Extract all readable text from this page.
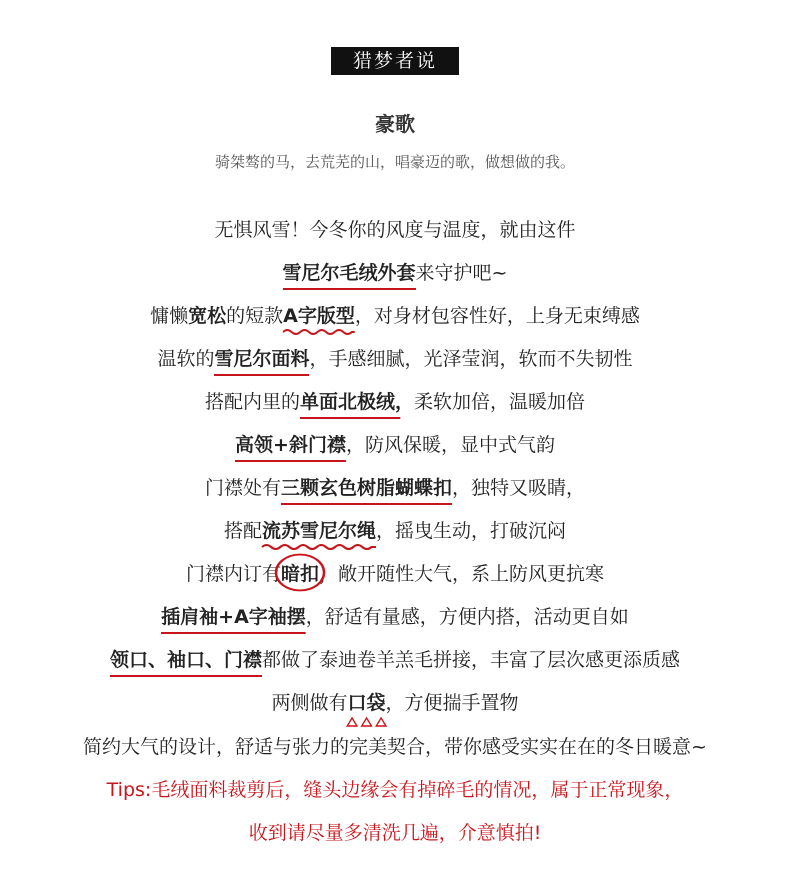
猎梦者说
豪歌
骑桀骜的马，去荒芜的山，唱豪迈的歌，做想做的我。
无惧风雪！今冬你的风度与温度，就由这件
雪尼尔毛绒外套
来守护吧~
慵懒宽松的短款A字版型
，对身材包容性好，上身无束缚感
温软的雪尼尔面料
，手感细腻，光泽莹润，软而不失韧性
搭配内里的单面北极绒，
柔软加倍，温暖加倍
高领+斜门襟
，防风保暖，显中式气韵
门襟处有三颗玄色树脂蝴蝶扣
，独特又吸睛，
搭配流苏雪尼尔绳
，摇曳生动，打破沉闷
门襟内订有暗扣
，敞开随性大气，系上防风更抗寒
插肩袖+A字袖摆
，舒适有量感，方便内搭，活动更自如
领口、袖口、门襟
都做了泰迪卷羊羔毛拼接，丰富了层次感更添质感
两侧做有口袋
，方便揣手置物
简约大气的设计，舒适与张力的完美契合，带你感受实实在在的冬日暖意~
Tips:毛绒面料裁剪后，缝头边缘会有掉碎毛的情况，属于正常现象，
收到请尽量多清洗几遍，介意慎拍!
